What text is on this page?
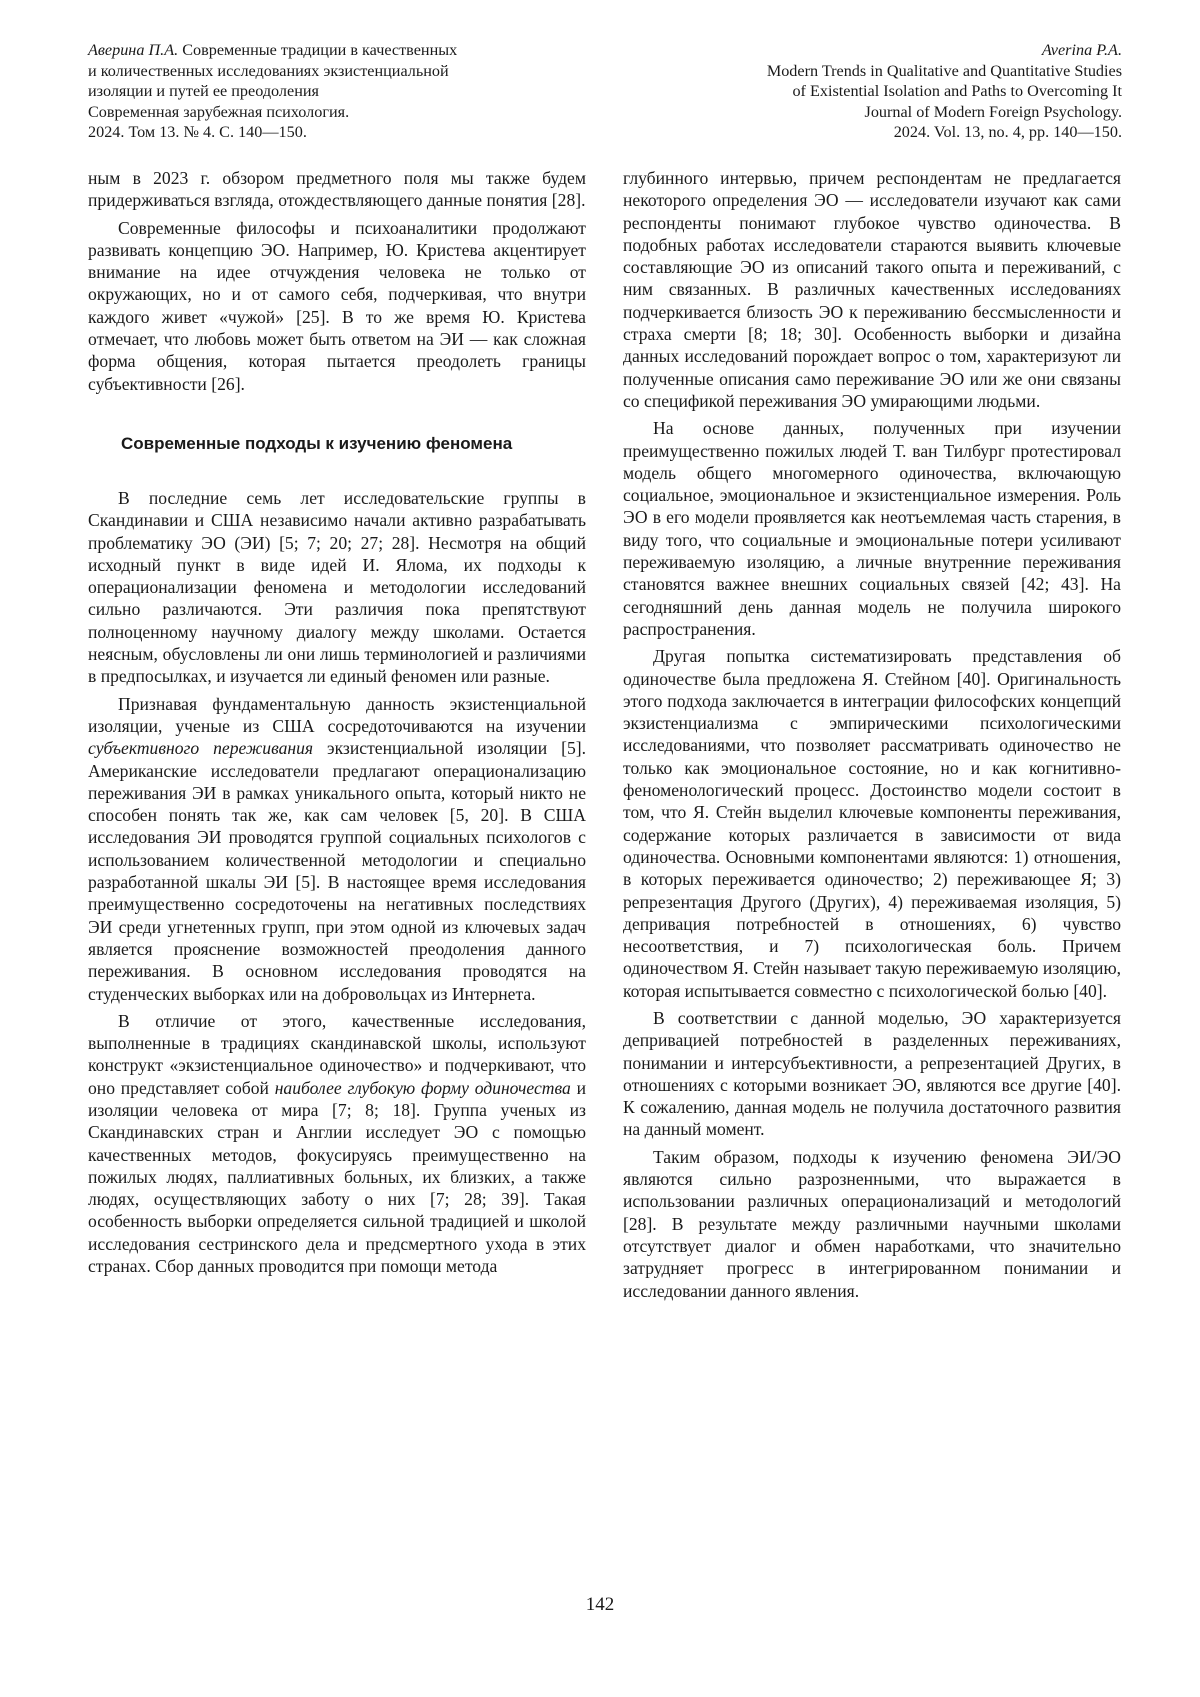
Аверина П.А. Современные традиции в качественных
и количественных исследованиях экзистенциальной
изоляции и путей ее преодоления
Современная зарубежная психология.
2024. Том 13. № 4. С. 140—150.
Averina P.A.
Modern Trends in Qualitative and Quantitative Studies
of Existential Isolation and Paths to Overcoming It
Journal of Modern Foreign Psychology.
2024. Vol. 13, no. 4, pp. 140—150.

ным в 2023 г. обзором предметного поля мы также будем придерживаться взгляда, отождествляющего данные понятия [28].

Современные философы и психоаналитики продолжают развивать концепцию ЭО. Например, Ю. Кристева акцентирует внимание на идее отчуждения человека не только от окружающих, но и от самого себя, подчеркивая, что внутри каждого живет «чужой» [25]. В то же время Ю. Кристева отмечает, что любовь может быть ответом на ЭИ — как сложная форма общения, которая пытается преодолеть границы субъективности [26].

Современные подходы к изучению феномена

В последние семь лет исследовательские группы в Скандинавии и США независимо начали активно разрабатывать проблематику ЭО (ЭИ) [5; 7; 20; 27; 28]. Несмотря на общий исходный пункт в виде идей И. Ялома, их подходы к операционализации феномена и методологии исследований сильно различаются. Эти различия пока препятствуют полноценному научному диалогу между школами. Остается неясным, обусловлены ли они лишь терминологией и различиями в предпосылках, и изучается ли единый феномен или разные.

Признавая фундаментальную данность экзистенциальной изоляции, ученые из США сосредоточиваются на изучении субъективного переживания экзистенциальной изоляции [5]. Американские исследователи предлагают операционализацию переживания ЭИ в рамках уникального опыта, который никто не способен понять так же, как сам человек [5, 20]. В США исследования ЭИ проводятся группой социальных психологов с использованием количественной методологии и специально разработанной шкалы ЭИ [5]. В настоящее время исследования преимущественно сосредоточены на негативных последствиях ЭИ среди угнетенных групп, при этом одной из ключевых задач является прояснение возможностей преодоления данного переживания. В основном исследования проводятся на студенческих выборках или на добровольцах из Интернета.

В отличие от этого, качественные исследования, выполненные в традициях скандинавской школы, используют конструкт «экзистенциальное одиночество» и подчеркивают, что оно представляет собой наиболее глубокую форму одиночества и изоляции человека от мира [7; 8; 18]. Группа ученых из Скандинавских стран и Англии исследует ЭО с помощью качественных методов, фокусируясь преимущественно на пожилых людях, паллиативных больных, их близких, а также людях, осуществляющих заботу о них [7; 28; 39]. Такая особенность выборки определяется сильной традицией и школой исследования сестринского дела и предсмертного ухода в этих странах. Сбор данных проводится при помощи метода

глубинного интервью, причем респондентам не предлагается некоторого определения ЭО — исследователи изучают как сами респонденты понимают глубокое чувство одиночества. В подобных работах исследователи стараются выявить ключевые составляющие ЭО из описаний такого опыта и переживаний, с ним связанных. В различных качественных исследованиях подчеркивается близость ЭО к переживанию бессмысленности и страха смерти [8; 18; 30]. Особенность выборки и дизайна данных исследований порождает вопрос о том, характеризуют ли полученные описания само переживание ЭО или же они связаны со спецификой переживания ЭО умирающими людьми.

На основе данных, полученных при изучении преимущественно пожилых людей Т. ван Тилбург протестировал модель общего многомерного одиночества, включающую социальное, эмоциональное и экзистенциальное измерения. Роль ЭО в его модели проявляется как неотъемлемая часть старения, в виду того, что социальные и эмоциональные потери усиливают переживаемую изоляцию, а личные внутренние переживания становятся важнее внешних социальных связей [42; 43]. На сегодняшний день данная модель не получила широкого распространения.

Другая попытка систематизировать представления об одиночестве была предложена Я. Стейном [40]. Оригинальность этого подхода заключается в интеграции философских концепций экзистенциализма с эмпирическими психологическими исследованиями, что позволяет рассматривать одиночество не только как эмоциональное состояние, но и как когнитивно-феноменологический процесс. Достоинство модели состоит в том, что Я. Стейн выделил ключевые компоненты переживания, содержание которых различается в зависимости от вида одиночества. Основными компонентами являются: 1) отношения, в которых переживается одиночество; 2) переживающее Я; 3) репрезентация Другого (Других), 4) переживаемая изоляция, 5) депривация потребностей в отношениях, 6) чувство несоответствия, и 7) психологическая боль. Причем одиночеством Я. Стейн называет такую переживаемую изоляцию, которая испытывается совместно с психологической болью [40].

В соответствии с данной моделью, ЭО характеризуется депривацией потребностей в разделенных переживаниях, понимании и интерсубъективности, а репрезентацией Других, в отношениях с которыми возникает ЭО, являются все другие [40]. К сожалению, данная модель не получила достаточного развития на данный момент.

Таким образом, подходы к изучению феномена ЭИ/ЭО являются сильно разрозненными, что выражается в использовании различных операционализаций и методологий [28]. В результате между различными научными школами отсутствует диалог и обмен наработками, что значительно затрудняет прогресс в интегрированном понимании и исследовании данного явления.

142
